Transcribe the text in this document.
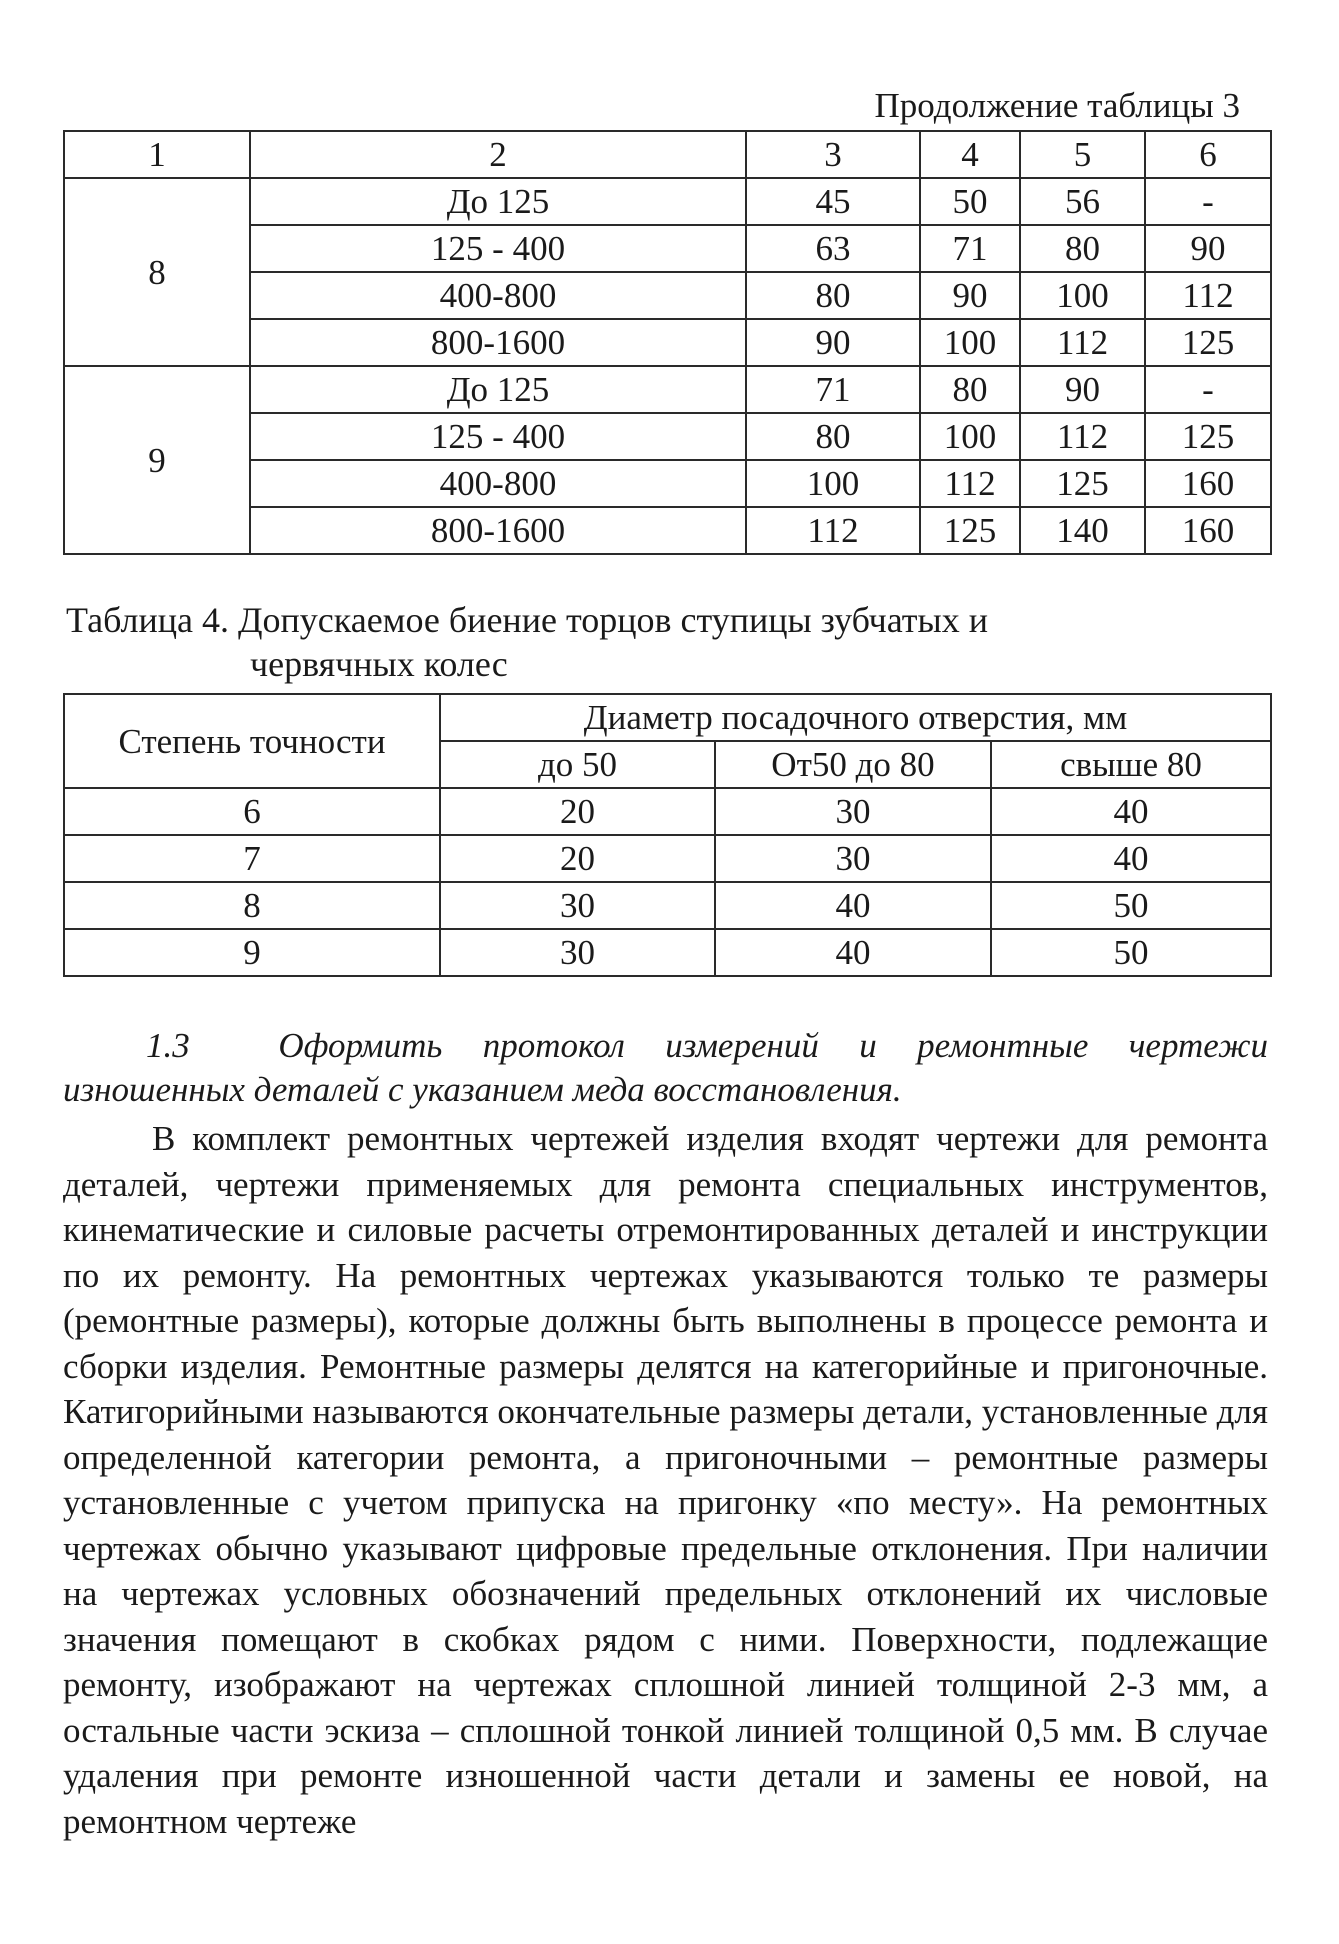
Продолжение таблицы 3
1	2	3	4	5	6
8	До 125	45	50	56	-
	125 - 400	63	71	80	90
	400-800	80	90	100	112
	800-1600	90	100	112	125
9	До 125	71	80	90	-
	125 - 400	80	100	112	125
	400-800	100	112	125	160
	800-1600	112	125	140	160
Таблица 4. Допускаемое биение торцов ступицы зубчатых и
червячных колес
Степень точности	Диаметр посадочного отверстия, мм		
	до 50	От50 до 80	свыше 80
6	20	30	40
7	20	30	40
8	30	40	50
9	30	40	50
1.3	Оформить протокол измерений и ремонтные чертежи изношенных деталей с указанием меда восстановления.

В комплект ремонтных чертежей изделия входят чертежи для ремонта деталей, чертежи применяемых для ремонта специальных инструментов, кинематические и силовые расчеты отремонтированных деталей и инструкции по их ремонту. На ремонтных чертежах указываются только те размеры (ремонтные размеры), которые должны быть выполнены в процессе ремонта и сборки изделия. Ремонтные размеры делятся на категорийные и пригоночные. Катигорийными называются окончательные размеры детали, установленные для определенной категории ремонта, а пригоночными – ремонтные размеры установленные с учетом припуска на пригонку «по месту». На ремонтных чертежах обычно указывают цифровые предельные отклонения. При наличии на чертежах условных обозначений предельных отклонений их числовые значения помещают в скобках рядом с ними. Поверхности, подлежащие ремонту, изображают на чертежах сплошной линией толщиной 2-3 мм, а остальные части эскиза – сплошной тонкой линией толщиной 0,5 мм. В случае удаления при ремонте изношенной части детали и замены ее новой, на ремонтном чертеже
